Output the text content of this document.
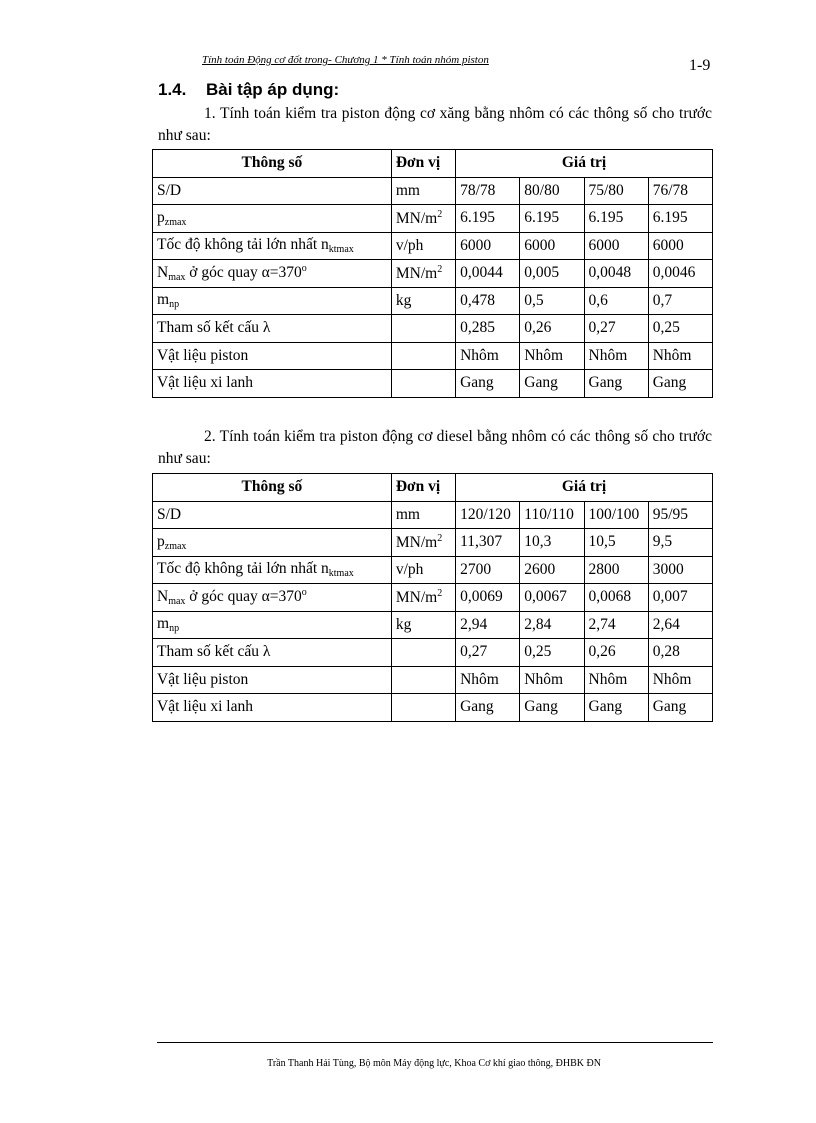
Tính toán Động cơ đốt trong- Chương 1 * Tính toán nhóm piston	1-9
1.4. Bài tập áp dụng:
1. Tính toán kiểm tra piston động cơ xăng bằng nhôm có các thông số cho trước như sau:
Thông số	Đơn vị	Giá trị			
S/D	mm	78/78	80/80	75/80	76/78
$p_{zmax}$	$MN/m^2$	6.195	6.195	6.195	6.195
Tốc độ không tải lớn nhất $n_{ktmax}$	v/ph	6000	6000	6000	6000
$N_{max}$ ở góc quay $\alpha=370^o$	$MN/m^2$	0,0044	0,005	0,0048	0,0046
$m_{np}$	kg	0,478	0,5	0,6	0,7
Tham số kết cấu λ		0,285	0,26	0,27	0,25
Vật liệu piston		Nhôm	Nhôm	Nhôm	Nhôm
Vật liệu xi lanh		Gang	Gang	Gang	Gang
2. Tính toán kiểm tra piston động cơ diesel bằng nhôm có các thông số cho trước như sau:
Thông số	Đơn vị	Giá trị			
S/D	mm	120/120	110/110	100/100	95/95
$p_{zmax}$	$MN/m^2$	11,307	10,3	10,5	9,5
Tốc độ không tải lớn nhất $n_{ktmax}$	v/ph	2700	2600	2800	3000
$N_{max}$ ở góc quay $\alpha=370^o$	$MN/m^2$	0,0069	0,0067	0,0068	0,007
$m_{np}$	kg	2,94	2,84	2,74	2,64
Tham số kết cấu λ		0,27	0,25	0,26	0,28
Vật liệu piston		Nhôm	Nhôm	Nhôm	Nhôm
Vật liệu xi lanh		Gang	Gang	Gang	Gang
Trần Thanh Hải Tùng, Bộ môn Máy động lực, Khoa Cơ khí giao thông, ĐHBK ĐN
